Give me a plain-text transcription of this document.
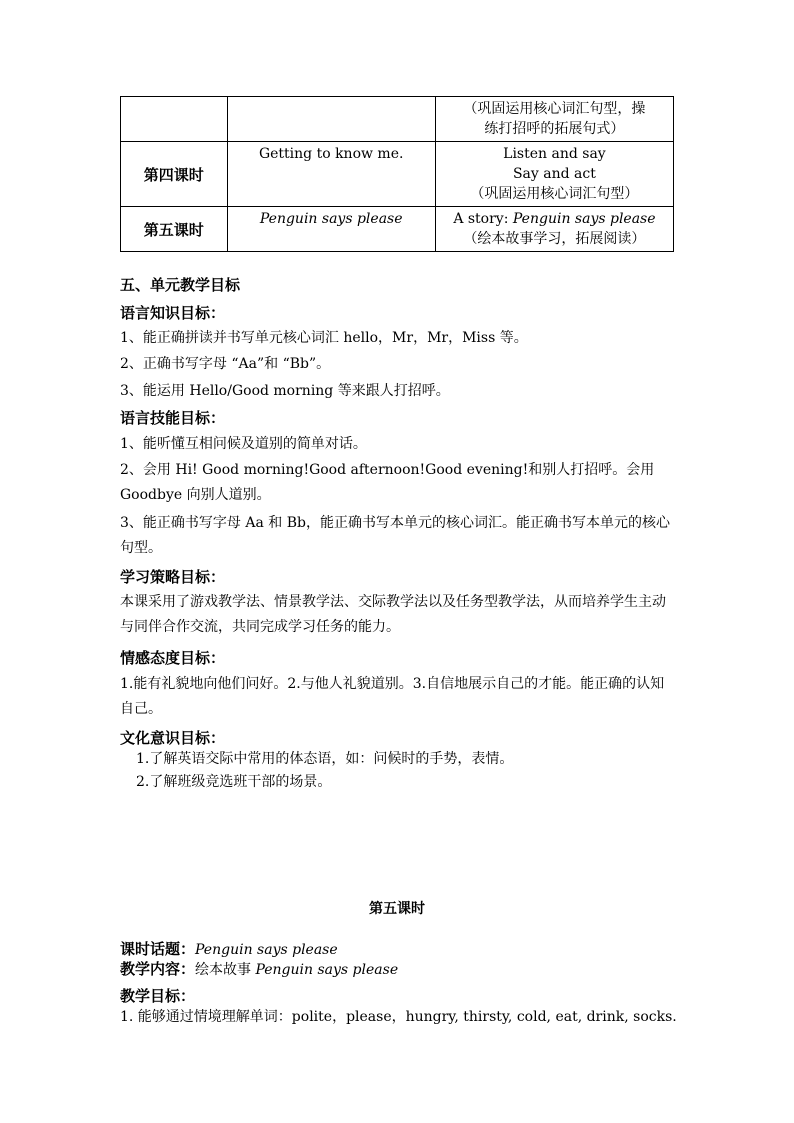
		（巩固运用核心词汇句型，操
练打招呼的拓展句式）

第四课时	Getting to know me.	Listen and say
Say and act
（巩固运用核心词汇句型）

第五课时	Penguin says please	A story: Penguin says please
（绘本故事学习，拓展阅读）
五、单元教学目标
语言知识目标：
1、能正确拼读并书写单元核心词汇 hello，Mr，Mr，Miss 等。
2、正确书写字母 “Aa”和 “Bb”。
3、能运用 Hello/Good morning 等来跟人打招呼。
语言技能目标：
1、能听懂互相问候及道别的简单对话。
2、会用 Hi! Good morning!Good afternoon!Good evening!和别人打招呼。会用 Goodbye 向别人道别。
3、能正确书写字母 Aa 和 Bb，能正确书写本单元的核心词汇。能正确书写本单元的核心句型。
学习策略目标：
本课采用了游戏教学法、情景教学法、交际教学法以及任务型教学法，从而培养学生主动与同伴合作交流，共同完成学习任务的能力。
情感态度目标：
1.能有礼貌地向他们问好。2.与他人礼貌道别。3.自信地展示自己的才能。能正确的认知自己。
文化意识目标：
1.了解英语交际中常用的体态语，如：问候时的手势，表情。
2.了解班级竞选班干部的场景。
第五课时
课时话题：Penguin says please
教学内容：绘本故事 Penguin says please
教学目标：
1. 能够通过情境理解单词：polite，please，hungry, thirsty, cold, eat, drink, socks.
